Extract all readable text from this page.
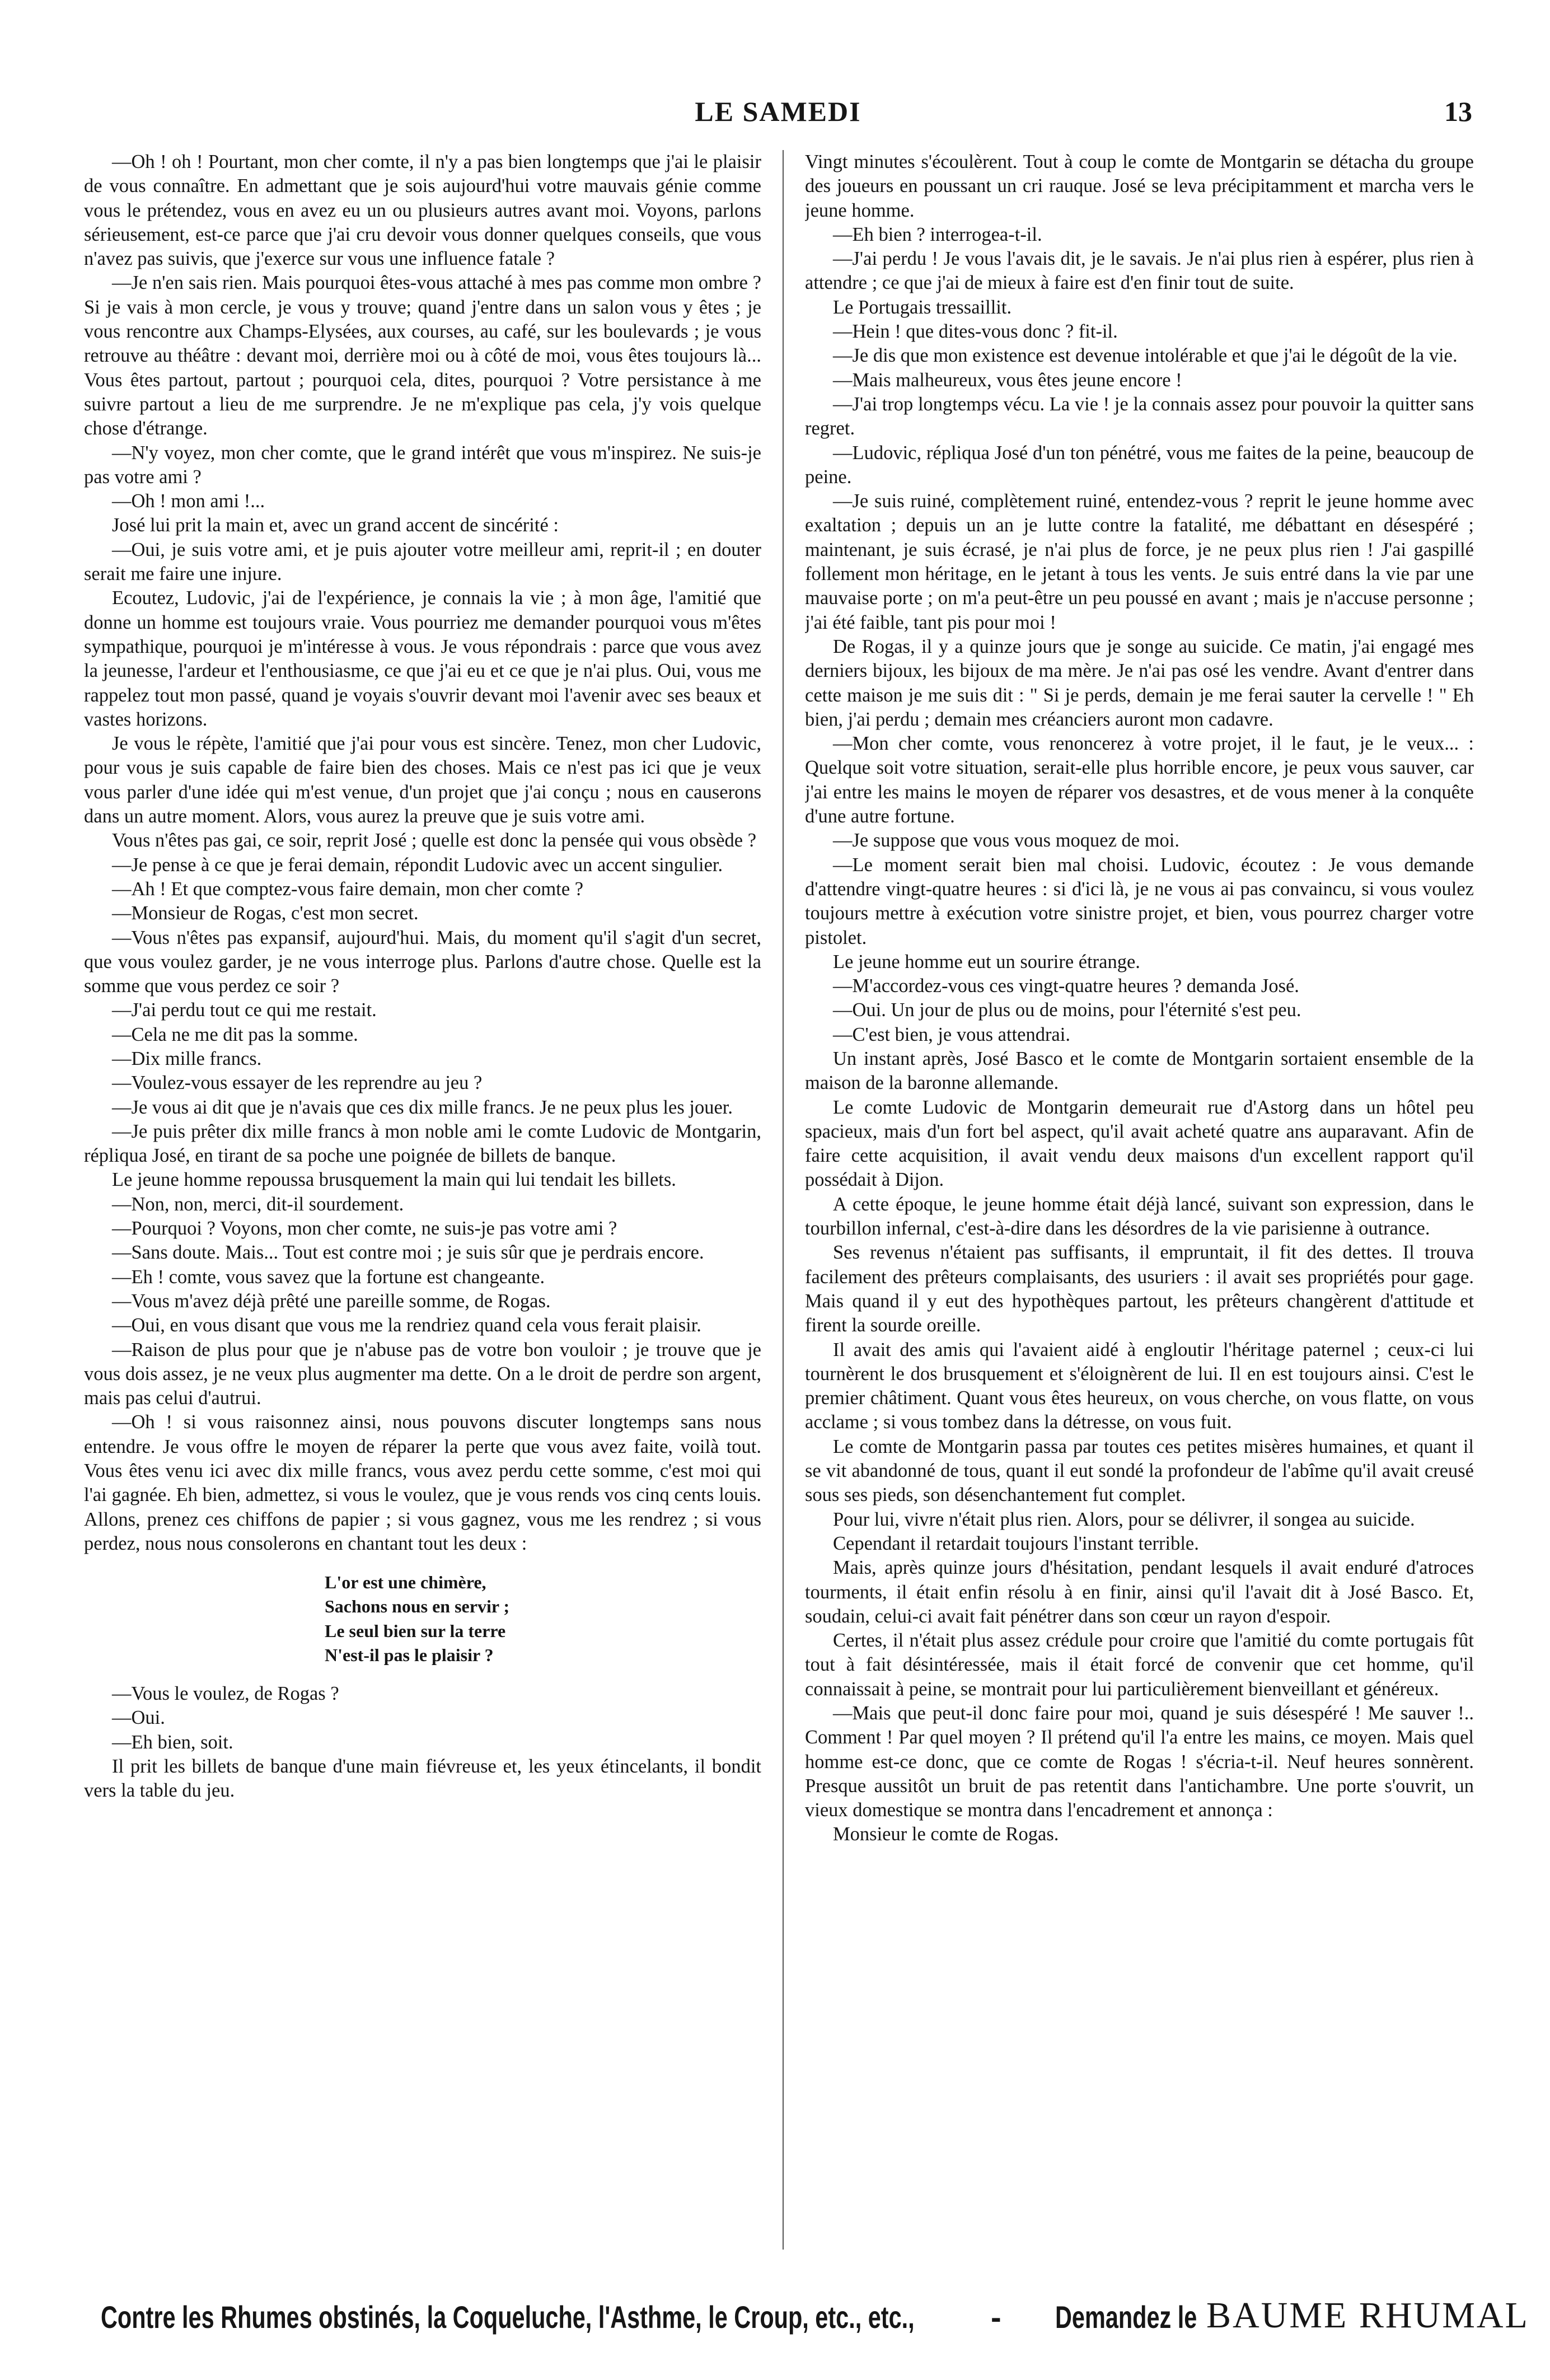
LE SAMEDI	13

—Oh ! oh ! Pourtant, mon cher comte, il n'y a pas bien longtemps que j'ai le plaisir de vous connaître. En admettant que je sois aujourd'hui votre mauvais génie comme vous le prétendez, vous en avez eu un ou plusieurs autres avant moi. Voyons, parlons sérieusement, est-ce parce que j'ai cru devoir vous donner quelques conseils, que vous n'avez pas suivis, que j'exerce sur vous une influence fatale ?

—Je n'en sais rien. Mais pourquoi êtes-vous attaché à mes pas comme mon ombre ? Si je vais à mon cercle, je vous y trouve; quand j'entre dans un salon vous y êtes ; je vous rencontre aux Champs-Elysées, aux courses, au café, sur les boulevards ; je vous retrouve au théâtre : devant moi, derrière moi ou à côté de moi, vous êtes toujours là... Vous êtes partout, partout ; pourquoi cela, dites, pourquoi ? Votre persistance à me suivre partout a lieu de me surprendre. Je ne m'explique pas cela, j'y vois quelque chose d'étrange.

—N'y voyez, mon cher comte, que le grand intérêt que vous m'inspirez. Ne suis-je pas votre ami ?

—Oh ! mon ami !...

José lui prit la main et, avec un grand accent de sincérité :

—Oui, je suis votre ami, et je puis ajouter votre meilleur ami, reprit-il ; en douter serait me faire une injure.

Ecoutez, Ludovic, j'ai de l'expérience, je connais la vie ; à mon âge, l'amitié que donne un homme est toujours vraie. Vous pourriez me demander pourquoi vous m'êtes sympathique, pourquoi je m'intéresse à vous. Je vous répondrais : parce que vous avez la jeunesse, l'ardeur et l'enthousiasme, ce que j'ai eu et ce que je n'ai plus. Oui, vous me rappelez tout mon passé, quand je voyais s'ouvrir devant moi l'avenir avec ses beaux et vastes horizons.

Je vous le répète, l'amitié que j'ai pour vous est sincère. Tenez, mon cher Ludovic, pour vous je suis capable de faire bien des choses. Mais ce n'est pas ici que je veux vous parler d'une idée qui m'est venue, d'un projet que j'ai conçu ; nous en causerons dans un autre moment. Alors, vous aurez la preuve que je suis votre ami.

Vous n'êtes pas gai, ce soir, reprit José ; quelle est donc la pensée qui vous obsède ?

—Je pense à ce que je ferai demain, répondit Ludovic avec un accent singulier.

—Ah ! Et que comptez-vous faire demain, mon cher comte ?

—Monsieur de Rogas, c'est mon secret.

—Vous n'êtes pas expansif, aujourd'hui. Mais, du moment qu'il s'agit d'un secret, que vous voulez garder, je ne vous interroge plus. Parlons d'autre chose. Quelle est la somme que vous perdez ce soir ?

—J'ai perdu tout ce qui me restait.

—Cela ne me dit pas la somme.

—Dix mille francs.

—Voulez-vous essayer de les reprendre au jeu ?

—Je vous ai dit que je n'avais que ces dix mille francs. Je ne peux plus les jouer.

—Je puis prêter dix mille francs à mon noble ami le comte Ludovic de Montgarin, répliqua José, en tirant de sa poche une poignée de billets de banque.

Le jeune homme repoussa brusquement la main qui lui tendait les billets.

—Non, non, merci, dit-il sourdement.

—Pourquoi ? Voyons, mon cher comte, ne suis-je pas votre ami ?

—Sans doute. Mais... Tout est contre moi ; je suis sûr que je perdrais encore.

—Eh ! comte, vous savez que la fortune est changeante.

—Vous m'avez déjà prêté une pareille somme, de Rogas.

—Oui, en vous disant que vous me la rendriez quand cela vous ferait plaisir.

—Raison de plus pour que je n'abuse pas de votre bon vouloir ; je trouve que je vous dois assez, je ne veux plus augmenter ma dette. On a le droit de perdre son argent, mais pas celui d'autrui.

—Oh ! si vous raisonnez ainsi, nous pouvons discuter longtemps sans nous entendre. Je vous offre le moyen de réparer la perte que vous avez faite, voilà tout. Vous êtes venu ici avec dix mille francs, vous avez perdu cette somme, c'est moi qui l'ai gagnée. Eh bien, admettez, si vous le voulez, que je vous rends vos cinq cents louis. Allons, prenez ces chiffons de papier ; si vous gagnez, vous me les rendrez ; si vous perdez, nous nous consolerons en chantant tout les deux :

L'or est une chimère,
Sachons nous en servir ;
Le seul bien sur la terre
N'est-il pas le plaisir ?

—Vous le voulez, de Rogas ?

—Oui.

—Eh bien, soit.

Il prit les billets de banque d'une main fiévreuse et, les yeux étincelants, il bondit vers la table du jeu.

Vingt minutes s'écoulèrent. Tout à coup le comte de Montgarin se détacha du groupe des joueurs en poussant un cri rauque. José se leva précipitamment et marcha vers le jeune homme.

—Eh bien ? interrogea-t-il.

—J'ai perdu ! Je vous l'avais dit, je le savais. Je n'ai plus rien à espérer, plus rien à attendre ; ce que j'ai de mieux à faire est d'en finir tout de suite.

Le Portugais tressaillit.

—Hein ! que dites-vous donc ? fit-il.

—Je dis que mon existence est devenue intolérable et que j'ai le dégoût de la vie.

—Mais malheureux, vous êtes jeune encore !

—J'ai trop longtemps vécu. La vie ! je la connais assez pour pouvoir la quitter sans regret.

—Ludovic, répliqua José d'un ton pénétré, vous me faites de la peine, beaucoup de peine.

—Je suis ruiné, complètement ruiné, entendez-vous ? reprit le jeune homme avec exaltation ; depuis un an je lutte contre la fatalité, me débattant en désespéré ; maintenant, je suis écrasé, je n'ai plus de force, je ne peux plus rien ! J'ai gaspillé follement mon héritage, en le jetant à tous les vents. Je suis entré dans la vie par une mauvaise porte ; on m'a peut-être un peu poussé en avant ; mais je n'accuse personne ; j'ai été faible, tant pis pour moi !

De Rogas, il y a quinze jours que je songe au suicide. Ce matin, j'ai engagé mes derniers bijoux, les bijoux de ma mère. Je n'ai pas osé les vendre. Avant d'entrer dans cette maison je me suis dit : " Si je perds, demain je me ferai sauter la cervelle ! " Eh bien, j'ai perdu ; demain mes créanciers auront mon cadavre.

—Mon cher comte, vous renoncerez à votre projet, il le faut, je le veux... : Quelque soit votre situation, serait-elle plus horrible encore, je peux vous sauver, car j'ai entre les mains le moyen de réparer vos desastres, et de vous mener à la conquête d'une autre fortune.

—Je suppose que vous vous moquez de moi.

—Le moment serait bien mal choisi. Ludovic, écoutez : Je vous demande d'attendre vingt-quatre heures : si d'ici là, je ne vous ai pas convaincu, si vous voulez toujours mettre à exécution votre sinistre projet, et bien, vous pourrez charger votre pistolet.

Le jeune homme eut un sourire étrange.

—M'accordez-vous ces vingt-quatre heures ? demanda José.

—Oui. Un jour de plus ou de moins, pour l'éternité s'est peu.

—C'est bien, je vous attendrai.

Un instant après, José Basco et le comte de Montgarin sortaient ensemble de la maison de la baronne allemande.

Le comte Ludovic de Montgarin demeurait rue d'Astorg dans un hôtel peu spacieux, mais d'un fort bel aspect, qu'il avait acheté quatre ans auparavant. Afin de faire cette acquisition, il avait vendu deux maisons d'un excellent rapport qu'il possédait à Dijon.

A cette époque, le jeune homme était déjà lancé, suivant son expression, dans le tourbillon infernal, c'est-à-dire dans les désordres de la vie parisienne à outrance.

Ses revenus n'étaient pas suffisants, il empruntait, il fit des dettes. Il trouva facilement des prêteurs complaisants, des usuriers : il avait ses propriétés pour gage. Mais quand il y eut des hypothèques partout, les prêteurs changèrent d'attitude et firent la sourde oreille.

Il avait des amis qui l'avaient aidé à engloutir l'héritage paternel ; ceux-ci lui tournèrent le dos brusquement et s'éloignèrent de lui. Il en est toujours ainsi. C'est le premier châtiment. Quant vous êtes heureux, on vous cherche, on vous flatte, on vous acclame ; si vous tombez dans la détresse, on vous fuit.

Le comte de Montgarin passa par toutes ces petites misères humaines, et quant il se vit abandonné de tous, quant il eut sondé la profondeur de l'abîme qu'il avait creusé sous ses pieds, son désenchantement fut complet.

Pour lui, vivre n'était plus rien. Alors, pour se délivrer, il songea au suicide.

Cependant il retardait toujours l'instant terrible.

Mais, après quinze jours d'hésitation, pendant lesquels il avait enduré d'atroces tourments, il était enfin résolu à en finir, ainsi qu'il l'avait dit à José Basco. Et, soudain, celui-ci avait fait pénétrer dans son cœur un rayon d'espoir.

Certes, il n'était plus assez crédule pour croire que l'amitié du comte portugais fût tout à fait désintéressée, mais il était forcé de convenir que cet homme, qu'il connaissait à peine, se montrait pour lui particulièrement bienveillant et généreux.

—Mais que peut-il donc faire pour moi, quand je suis désespéré ! Me sauver !.. Comment ! Par quel moyen ? Il prétend qu'il l'a entre les mains, ce moyen. Mais quel homme est-ce donc, que ce comte de Rogas ! s'écria-t-il. Neuf heures sonnèrent. Presque aussitôt un bruit de pas retentit dans l'antichambre. Une porte s'ouvrit, un vieux domestique se montra dans l'encadrement et annonça :

Monsieur le comte de Rogas.

Contre les Rhumes obstinés, la Coqueluche, l'Asthme, le Croup, etc., etc., - Demandez le BAUME RHUMAL
